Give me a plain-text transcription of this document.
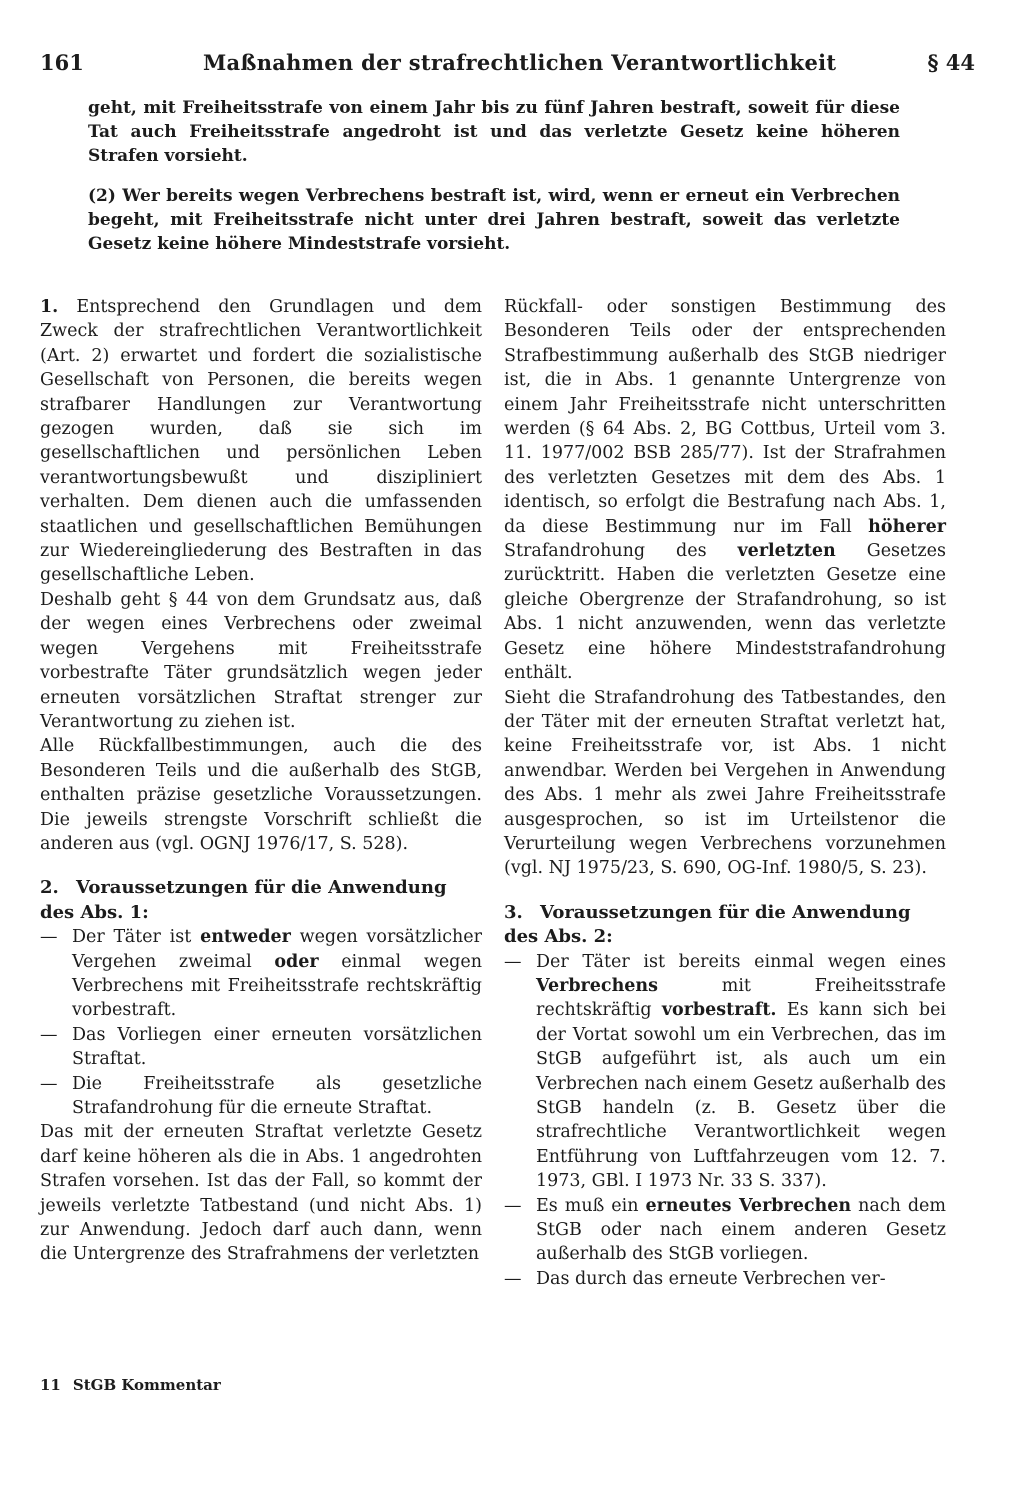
161	Maßnahmen der strafrechtlichen Verantwortlichkeit	§ 44

geht, mit Freiheitsstrafe von einem Jahr bis zu fünf Jahren bestraft, soweit für diese Tat auch Freiheitsstrafe angedroht ist und das verletzte Gesetz keine höheren Strafen vorsieht.

(2) Wer bereits wegen Verbrechens bestraft ist, wird, wenn er erneut ein Verbrechen begeht, mit Freiheitsstrafe nicht unter drei Jahren bestraft, soweit das verletzte Gesetz keine höhere Mindeststrafe vorsieht.

1. Entsprechend den Grundlagen und dem Zweck der strafrechtlichen Verantwortlichkeit (Art. 2) erwartet und fordert die sozialistische Gesellschaft von Personen, die bereits wegen strafbarer Handlungen zur Verantwortung gezogen wurden, daß sie sich im gesellschaftlichen und persönlichen Leben verantwortungsbewußt und diszipliniert verhalten. Dem dienen auch die umfassenden staatlichen und gesellschaftlichen Bemühungen zur Wiedereingliederung des Bestraften in das gesellschaftliche Leben.

Deshalb geht § 44 von dem Grundsatz aus, daß der wegen eines Verbrechens oder zweimal wegen Vergehens mit Freiheitsstrafe vorbestrafte Täter grundsätzlich wegen jeder erneuten vorsätzlichen Straftat strenger zur Verantwortung zu ziehen ist.

Alle Rückfallbestimmungen, auch die des Besonderen Teils und die außerhalb des StGB, enthalten präzise gesetzliche Voraussetzungen. Die jeweils strengste Vorschrift schließt die anderen aus (vgl. OGNJ 1976/17, S. 528).

2. Voraussetzungen für die Anwendung des Abs. 1:
— Der Täter ist entweder wegen vorsätzlicher Vergehen zweimal oder einmal wegen Verbrechens mit Freiheitsstrafe rechtskräftig vorbestraft.
— Das Vorliegen einer erneuten vorsätzlichen Straftat.
— Die Freiheitsstrafe als gesetzliche Strafandrohung für die erneute Straftat.

Das mit der erneuten Straftat verletzte Gesetz darf keine höheren als die in Abs. 1 angedrohten Strafen vorsehen. Ist das der Fall, so kommt der jeweils verletzte Tatbestand (und nicht Abs. 1) zur Anwendung. Jedoch darf auch dann, wenn die Untergrenze des Strafrahmens der verletzten

Rückfall- oder sonstigen Bestimmung des Besonderen Teils oder der entsprechenden Strafbestimmung außerhalb des StGB niedriger ist, die in Abs. 1 genannte Untergrenze von einem Jahr Freiheitsstrafe nicht unterschritten werden (§ 64 Abs. 2, BG Cottbus, Urteil vom 3. 11. 1977/002 BSB 285/77). Ist der Strafrahmen des verletzten Gesetzes mit dem des Abs. 1 identisch, so erfolgt die Bestrafung nach Abs. 1, da diese Bestimmung nur im Fall höherer Strafandrohung des verletzten Gesetzes zurücktritt. Haben die verletzten Gesetze eine gleiche Obergrenze der Strafandrohung, so ist Abs. 1 nicht anzuwenden, wenn das verletzte Gesetz eine höhere Mindeststrafandrohung enthält.

Sieht die Strafandrohung des Tatbestandes, den der Täter mit der erneuten Straftat verletzt hat, keine Freiheitsstrafe vor, ist Abs. 1 nicht anwendbar. Werden bei Vergehen in Anwendung des Abs. 1 mehr als zwei Jahre Freiheitsstrafe ausgesprochen, so ist im Urteilstenor die Verurteilung wegen Verbrechens vorzunehmen (vgl. NJ 1975/23, S. 690, OG-Inf. 1980/5, S. 23).

3. Voraussetzungen für die Anwendung des Abs. 2:
— Der Täter ist bereits einmal wegen eines Verbrechens mit Freiheitsstrafe rechtskräftig vorbestraft. Es kann sich bei der Vortat sowohl um ein Verbrechen, das im StGB aufgeführt ist, als auch um ein Verbrechen nach einem Gesetz außerhalb des StGB handeln (z. B. Gesetz über die strafrechtliche Verantwortlichkeit wegen Entführung von Luftfahrzeugen vom 12. 7. 1973, GBl. I 1973 Nr. 33 S. 337).
— Es muß ein erneutes Verbrechen nach dem StGB oder nach einem anderen Gesetz außerhalb des StGB vorliegen.
— Das durch das erneute Verbrechen ver-
11 StGB Kommentar
